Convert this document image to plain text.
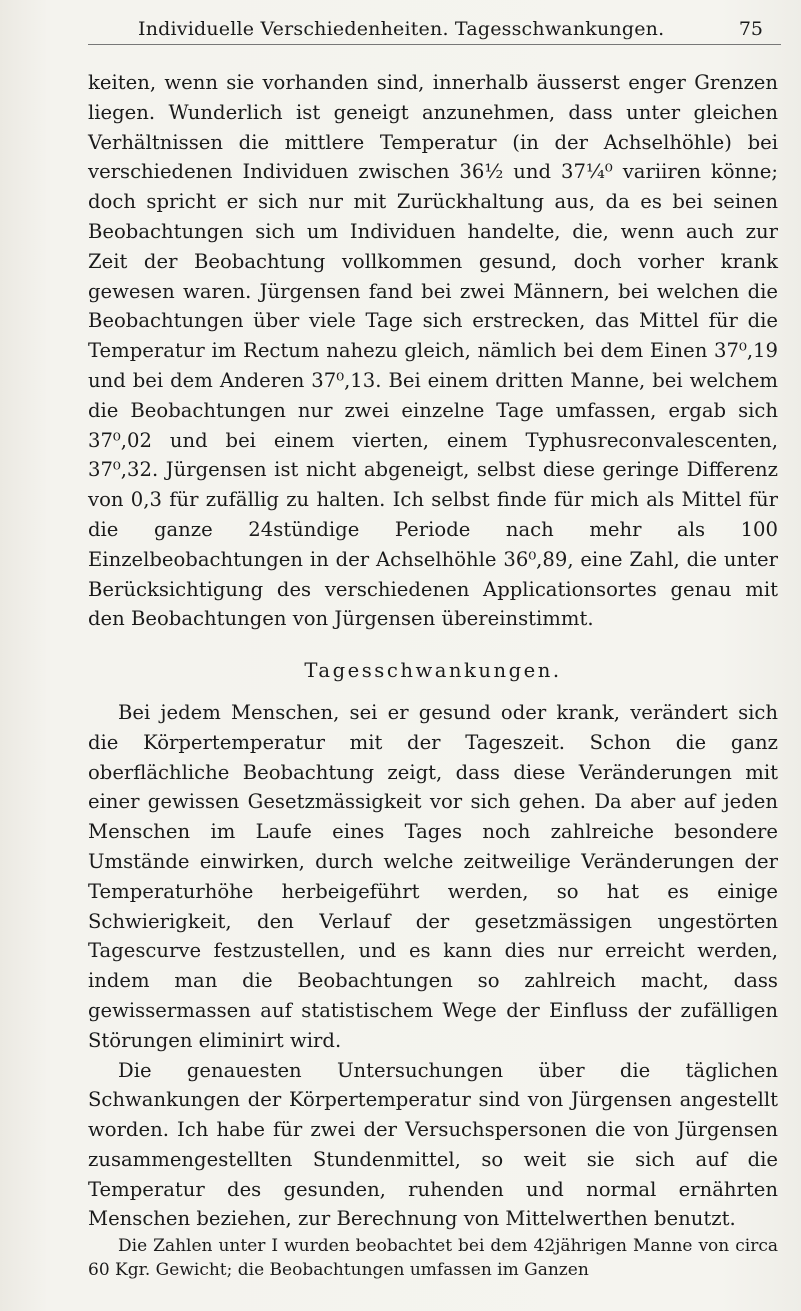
Individuelle Verschiedenheiten. Tagesschwankungen.	75

keiten, wenn sie vorhanden sind, innerhalb äusserst enger Grenzen liegen. Wunderlich ist geneigt anzunehmen, dass unter gleichen Verhältnissen die mittlere Temperatur (in der Achselhöhle) bei verschiedenen Individuen zwischen 36½ und 37¼⁰ variiren könne; doch spricht er sich nur mit Zurückhaltung aus, da es bei seinen Beobachtungen sich um Individuen handelte, die, wenn auch zur Zeit der Beobachtung vollkommen gesund, doch vorher krank gewesen waren. Jürgensen fand bei zwei Männern, bei welchen die Beobachtungen über viele Tage sich erstrecken, das Mittel für die Temperatur im Rectum nahezu gleich, nämlich bei dem Einen 37⁰,19 und bei dem Anderen 37⁰,13. Bei einem dritten Manne, bei welchem die Beobachtungen nur zwei einzelne Tage umfassen, ergab sich 37⁰,02 und bei einem vierten, einem Typhusreconvalescenten, 37⁰,32. Jürgensen ist nicht abgeneigt, selbst diese geringe Differenz von 0,3 für zufällig zu halten. Ich selbst finde für mich als Mittel für die ganze 24stündige Periode nach mehr als 100 Einzelbeobachtungen in der Achselhöhle 36⁰,89, eine Zahl, die unter Berücksichtigung des verschiedenen Applicationsortes genau mit den Beobachtungen von Jürgensen übereinstimmt.

Tagesschwankungen.

Bei jedem Menschen, sei er gesund oder krank, verändert sich die Körpertemperatur mit der Tageszeit. Schon die ganz oberflächliche Beobachtung zeigt, dass diese Veränderungen mit einer gewissen Gesetzmässigkeit vor sich gehen. Da aber auf jeden Menschen im Laufe eines Tages noch zahlreiche besondere Umstände einwirken, durch welche zeitweilige Veränderungen der Temperaturhöhe herbeigeführt werden, so hat es einige Schwierigkeit, den Verlauf der gesetzmässigen ungestörten Tagescurve festzustellen, und es kann dies nur erreicht werden, indem man die Beobachtungen so zahlreich macht, dass gewissermassen auf statistischem Wege der Einfluss der zufälligen Störungen eliminirt wird.

Die genauesten Untersuchungen über die täglichen Schwankungen der Körpertemperatur sind von Jürgensen angestellt worden. Ich habe für zwei der Versuchspersonen die von Jürgensen zusammengestellten Stundenmittel, so weit sie sich auf die Temperatur des gesunden, ruhenden und normal ernährten Menschen beziehen, zur Berechnung von Mittelwerthen benutzt.

Die Zahlen unter I wurden beobachtet bei dem 42jährigen Manne von circa 60 Kgr. Gewicht; die Beobachtungen umfassen im Ganzen
